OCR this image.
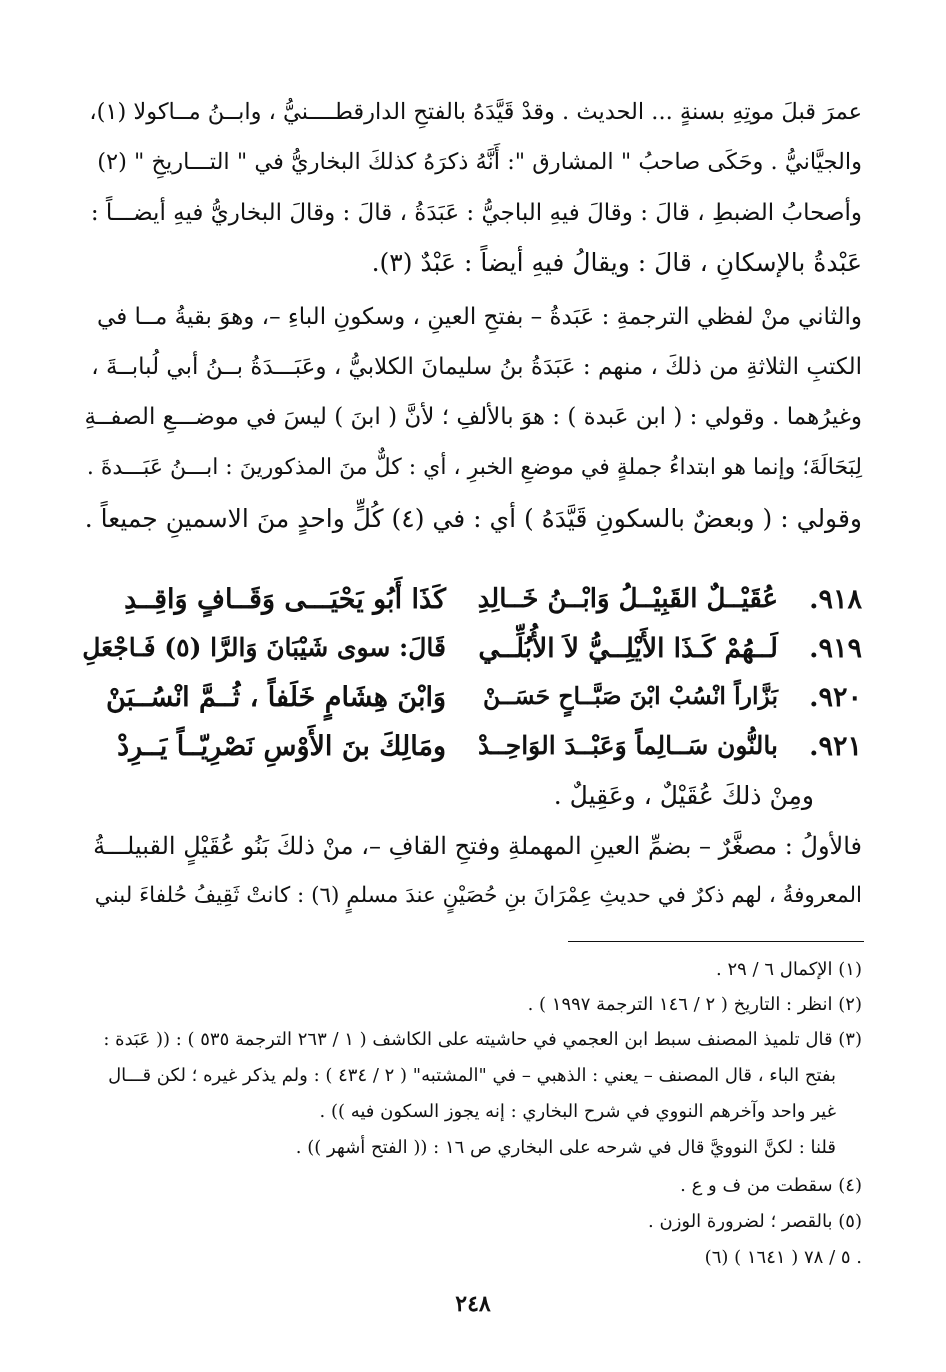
عمرَ قبلَ موتِهِ بسنةٍ ... الحديث . وقدْ قَيَّدَهُ بالفتحِ الدارقطــــنيُّ ، وابــنُ مــاكولا (١)،
والجيَّانيُّ . وحَكَى صاحبُ " المشارق ": أَنَّهُ ذكرَهُ كذلكَ البخاريُّ في " التـــاريخِ " (٢)
وأصحابُ الضبطِ ، قالَ : وقالَ فيهِ الباجيُّ : عَبَدَةُ ، قالَ : وقالَ البخاريُّ فيهِ أيضـــاً :
عَبْدةُ بالإسكانِ ، قالَ : ويقالُ فيهِ أيضاً : عَبْدٌ (٣).
والثاني منْ لفظي الترجمةِ : عَبَدةُ – بفتحِ العينِ ، وسكونِ الباءِ –، وهوَ بقيةُ مــا في
الكتبِ الثلاثةِ من ذلكَ ، منهم : عَبَدَةُ بنُ سليمانَ الكلابيُّ ، وعَبَـــدَةُ بــنُ أبي لُبابــةَ ،
وغيرُهما . وقولي : ( ابن عَبدة ) : هوَ بالألفِ ؛ لأنَّ ( ابنَ ) ليسَ في موضـــعِ الصفــةِ
لِبَحَالَةَ؛ وإنما هو ابتداءُ جملةٍ في موضعِ الخبرِ ، أي : كلٌّ منَ المذكورينَ : ابـــنُ عَبَـــدةَ .
وقولي : ( وبعضٌ بالسكونِ قَيَّدَهُ ) أي : في (٤) كُلٍّ واحدٍ منَ الاسمينِ جميعاً .
٩١٨.
عُقَيْــلٌ القَبِيْــلُ وَابْــنُ خَــالِدِ
كَذَا أَبُو يَحْيَـــى وَقَــافٍ وَاقِــدِ
٩١٩.
لَــهُمْ كَـذَا الأَيْلِــيُّ لاَ الأُبُلِّــي
قَالَ: سوى شَيْبَانَ وَالرَّا (٥) فَـاجْعَلِ
٩٢٠.
بَزَّاراً انْسُبْ ابْنَ صَبَّــاحٍ حَسَــنْ
وَابْنَ هِشَامٍ خَلَفاً ، ثُــمَّ انْسُــبَنْ
٩٢١.
بالنُّون سَــالِماً وَعَبْــدَ الوَاحِــدْ
ومَالِكَ بنَ الأَوْسِ نَصْرِيّــاً يَــرِدْ
ومِنْ ذلكَ عُقَيْلٌ ، وعَقِيلٌ .
فالأولُ : مصغَّرٌ – بضمِّ العينِ المهملةِ وفتحِ القافِ –، منْ ذلكَ بَنُو عُقَيْلٍ القبيلـــةُ
المعروفةُ ، لهم ذكرٌ في حديثِ عِمْرَانَ بنِ حُصَيْنٍ عندَ مسلمٍ (٦) : كانتْ ثَقِيفُ حُلفاءَ لبني
(١) الإكمال ٦ / ٢٩ .
(٢) انظر : التاريخ ( ٢ / ١٤٦ الترجمة ١٩٩٧ ) .
(٣) قال تلميذ المصنف سبط ابن العجمي في حاشيته على الكاشف ( ١ / ٢٦٣ الترجمة ٥٣٥ ) : (( عَبَدة :
بفتح الباء ، قال المصنف – يعني : الذهبي – في "المشتبه" ( ٢ / ٤٣٤ ) : ولم يذكر غيره ؛ لكن قـــال
غير واحد وآخرهم النووي في شرح البخاري : إنه يجوز السكون فيه )) .
قلنا : لكنَّ النوويَّ قال في شرحه على البخاري ص ١٦ : (( الفتح أشهر )) .
(٤) سقطت من ف و ع .
(٥) بالقصر ؛ لضرورة الوزن .
(٦) ٥ / ٧٨ ( ١٦٤١ ) .
٢٤٨
